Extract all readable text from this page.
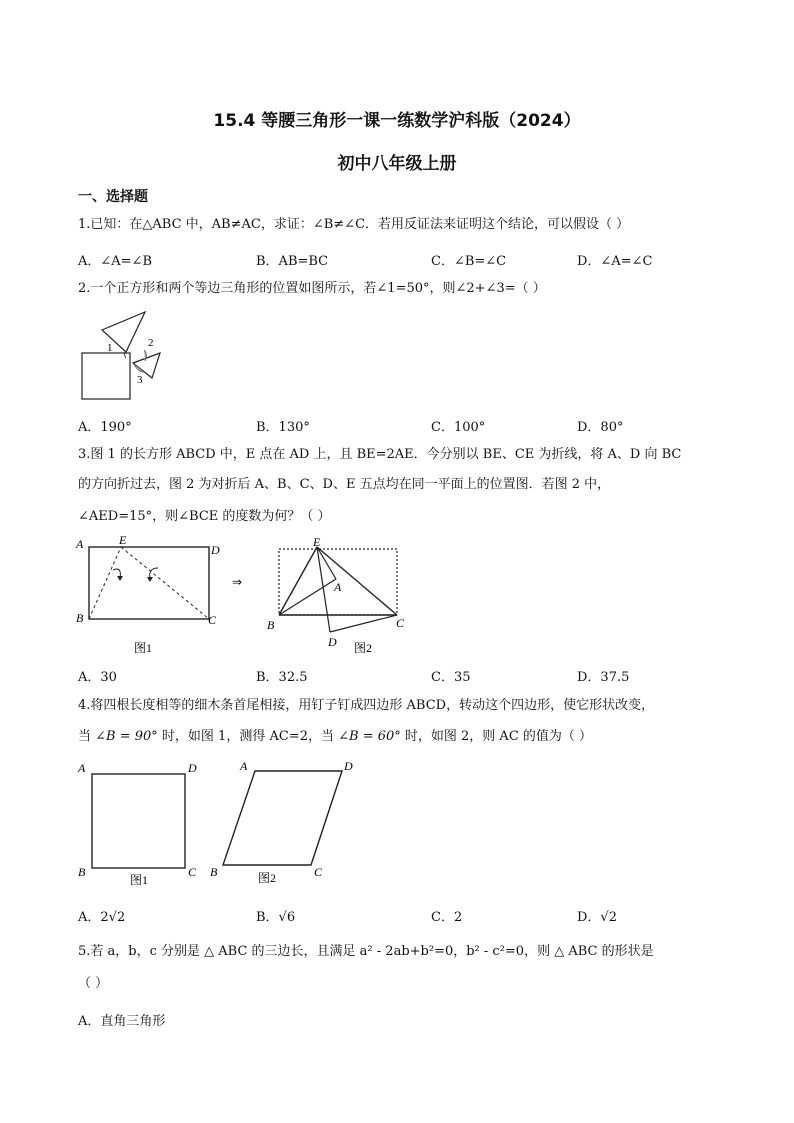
15.4 等腰三角形一课一练数学沪科版（2024）
初中八年级上册
一、选择题
1.已知：在△ABC 中，AB≠AC，求证：∠B≠∠C．若用反证法来证明这个结论，可以假设（ ）
A．∠A=∠B	B．AB=BC	C．∠B=∠C	D．∠A=∠C
2.一个正方形和两个等边三角形的位置如图所示，若∠1=50°，则∠2+∠3=（ ）
1	2
3
A．190°	B．130°	C．100°	D．80°
3.图 1 的长方形 ABCD 中，E 点在 AD 上，且 BE=2AE．今分别以 BE、CE 为折线，将 A、D 向 BC
的方向折过去，图 2 为对折后 A、B、C、D、E 五点均在同一平面上的位置图．若图 2 中，
∠AED=15°，则∠BCE 的度数为何？（ ）
A	E
D
B	C
图1
⇒
E
A
B	C
D 图2
A．30	B．32.5	C．35	D．37.5
4.将四根长度相等的细木条首尾相接，用钉子钉成四边形 ABCD，转动这个四边形，使它形状改变，
当 ∠B = 90° 时，如图 1，测得 AC=2，当 ∠B = 60° 时，如图 2，则 AC 的值为（ ）
A	D
B	C
图1
A	D
B	C
图2
A．2√2	B．√6	C．2	D．√2
5.若 a，b，c 分别是 △ ABC 的三边长，且满足 a² - 2ab+b²=0，b² - c²=0，则 △ ABC 的形状是
（ ）
A．直角三角形
